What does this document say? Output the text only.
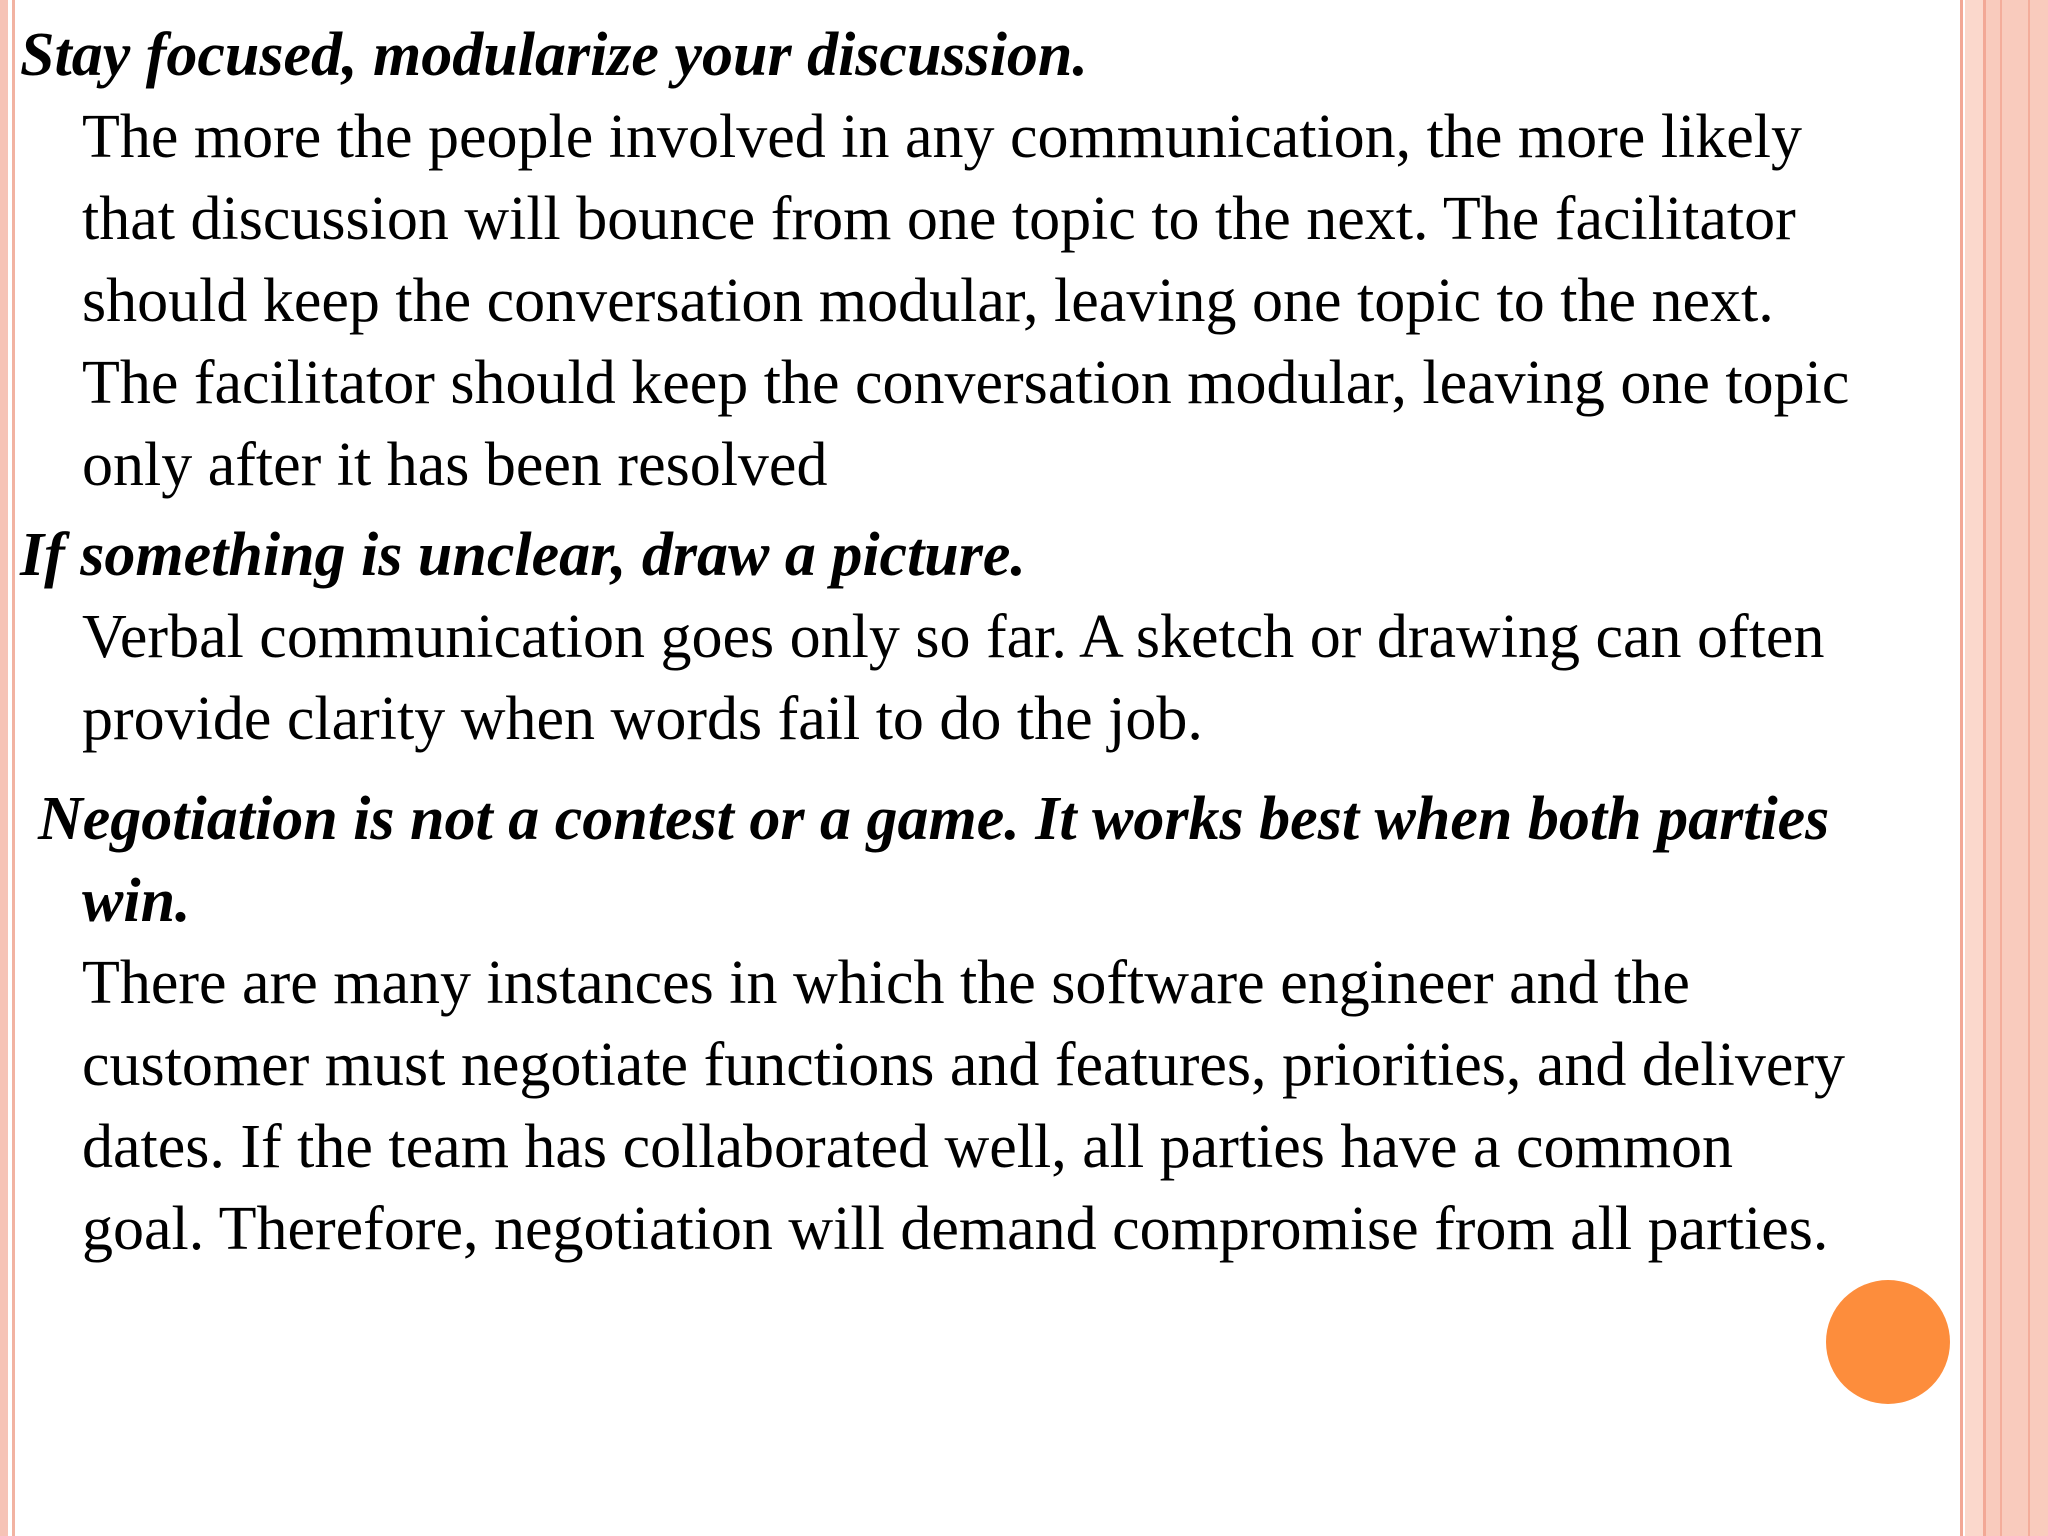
Stay focused, modularize your discussion.

The more the people involved in any communication, the more likely

that discussion will bounce from one topic to the next. The facilitator

should keep the conversation modular, leaving one topic to the next.

The facilitator should keep the conversation modular, leaving one topic

only after it has been resolved

If something is unclear, draw a picture.

Verbal communication goes only so far. A sketch or drawing can often

provide clarity when words fail to do the job.

Negotiation is not a contest or a game. It works best when both parties

win.

There are many instances in which the software engineer and the

customer must negotiate functions and features, priorities, and delivery

dates. If the team has collaborated well, all parties have a common

goal. Therefore, negotiation will demand compromise from all parties.
